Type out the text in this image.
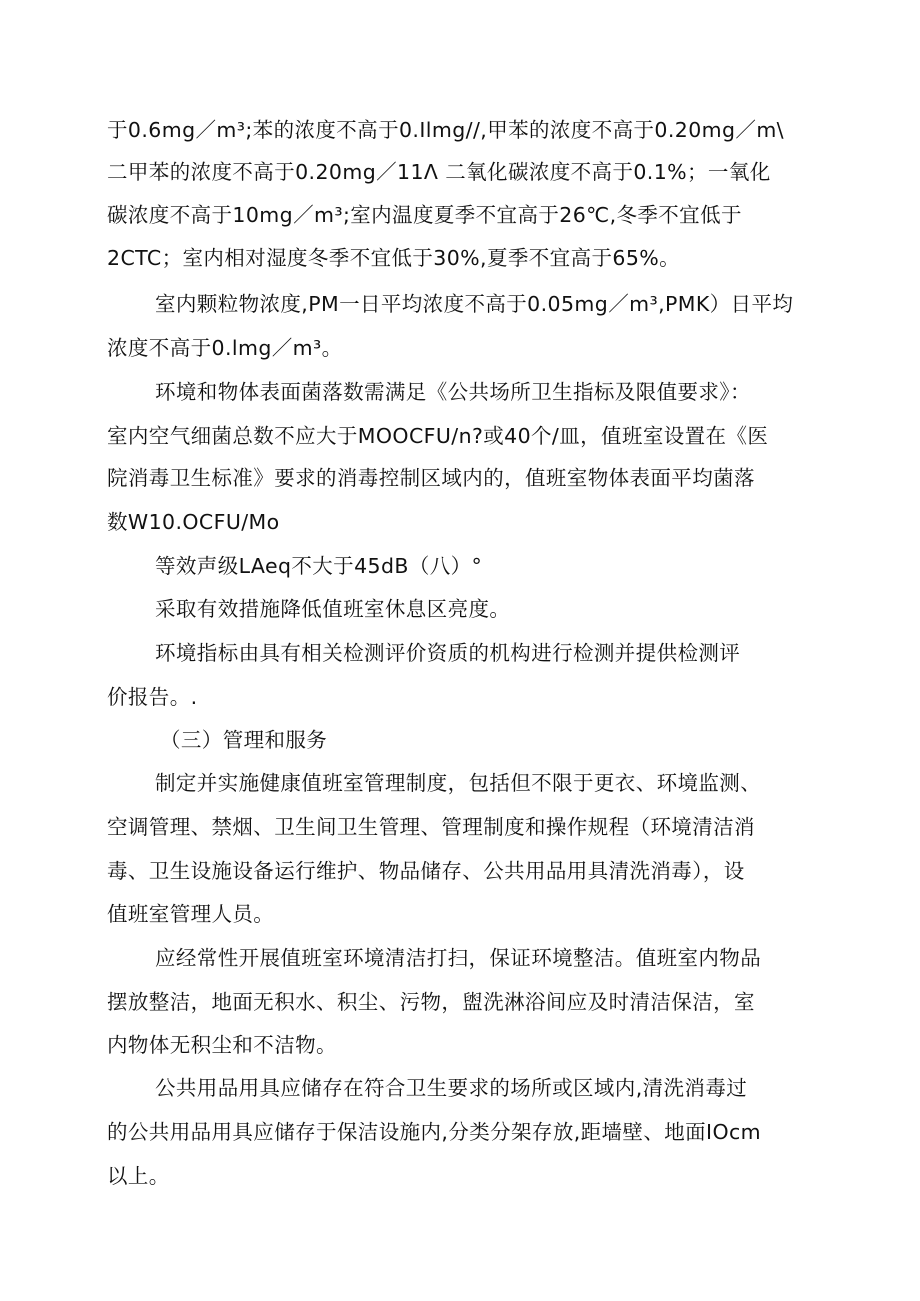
于0.6mg／m³;苯的浓度不高于0.Ilmg//,甲苯的浓度不高于0.20mg／m\
二甲苯的浓度不高于0.20mg／11Λ 二氧化碳浓度不高于0.1%；一氧化
碳浓度不高于10mg／m³;室内温度夏季不宜高于26℃,冬季不宜低于
2CTC；室内相对湿度冬季不宜低于30%,夏季不宜高于65%。
室内颗粒物浓度,PM一日平均浓度不高于0.05mg／m³,PMK）日平均
浓度不高于0.lmg／m³。
环境和物体表面菌落数需满足《公共场所卫生指标及限值要求》：
室内空气细菌总数不应大于MOOCFU/n?或40个/皿，值班室设置在《医
院消毒卫生标准》要求的消毒控制区域内的，值班室物体表面平均菌落
数W10.OCFU/Mo
等效声级LAeq不大于45dB（八）°
采取有效措施降低值班室休息区亮度。
环境指标由具有相关检测评价资质的机构进行检测并提供检测评
价报告。.
（三）管理和服务
制定并实施健康值班室管理制度，包括但不限于更衣、环境监测、
空调管理、禁烟、卫生间卫生管理、管理制度和操作规程（环境清洁消
毒、卫生设施设备运行维护、物品储存、公共用品用具清洗消毒），设
值班室管理人员。
应经常性开展值班室环境清洁打扫，保证环境整洁。值班室内物品
摆放整洁，地面无积水、积尘、污物，盥洗淋浴间应及时清洁保洁，室
内物体无积尘和不洁物。
公共用品用具应储存在符合卫生要求的场所或区域内,清洗消毒过
的公共用品用具应储存于保洁设施内,分类分架存放,距墙壁、地面IOcm
以上。
